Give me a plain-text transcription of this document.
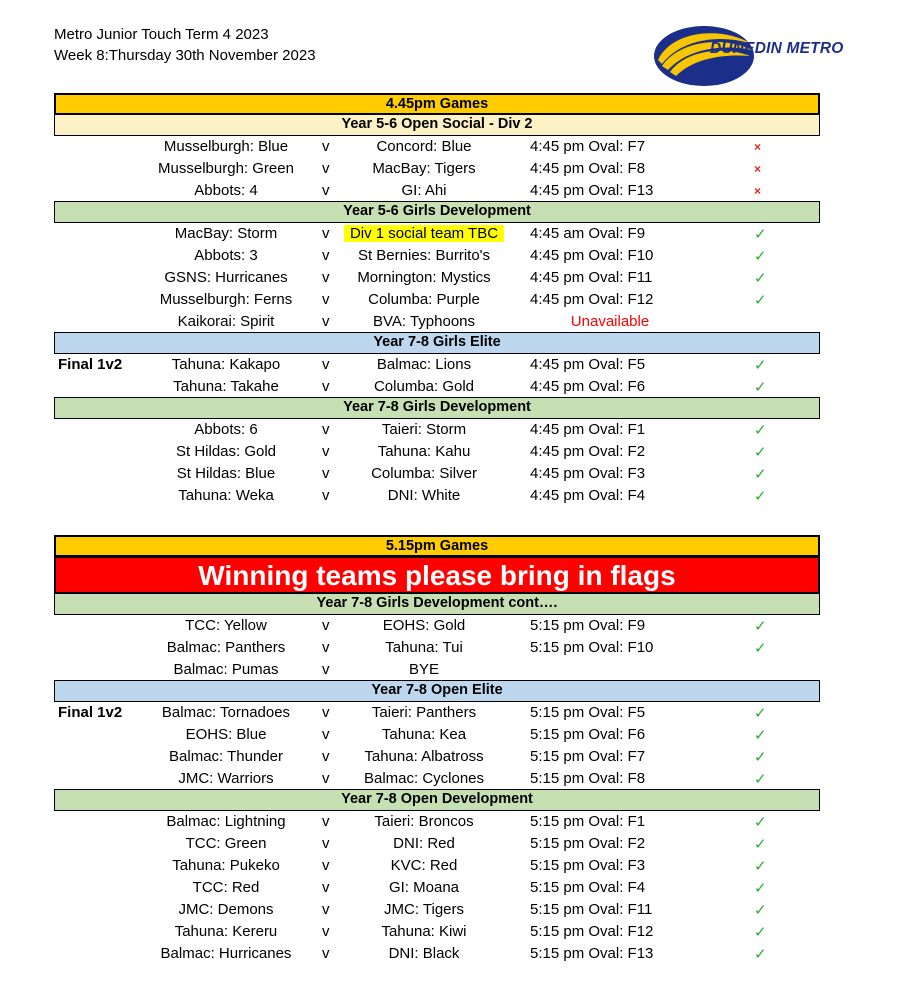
Metro Junior Touch Term 4 2023
Week 8:Thursday 30th November 2023	DUNEDIN METRO
4.45pm Games
Year 5-6 Open Social - Div 2
Musselburgh: Blue v	Concord: Blue	4:45 pm Oval: F7	×
Musselburgh: Green v	MacBay: Tigers	4:45 pm Oval: F8	×
Abbots: 4	v	GI: Ahi	4:45 pm Oval: F13	×
Year 5-6 Girls Development
MacBay: Storm	v	Div 1 social team TBC	4:45 am Oval: F9	✓
Abbots: 3	v St Bernies: Burrito's	4:45 pm Oval: F10	✓
GSNS: Hurricanes v Mornington: Mystics	4:45 pm Oval: F11	✓
Musselburgh: Ferns v	Columba: Purple	4:45 pm Oval: F12	✓
Kaikorai: Spirit	v	BVA: Typhoons	Unavailable
Year 7-8 Girls Elite
Final 1v2	Tahuna: Kakapo	v	Balmac: Lions	4:45 pm Oval: F5	✓
Tahuna: Takahe	v	Columba: Gold	4:45 pm Oval: F6	✓
Year 7-8 Girls Development
Abbots: 6	v	Taieri: Storm	4:45 pm Oval: F1	✓
St Hildas: Gold	v	Tahuna: Kahu	4:45 pm Oval: F2	✓
St Hildas: Blue	v	Columba: Silver	4:45 pm Oval: F3	✓
Tahuna: Weka	v	DNI: White	4:45 pm Oval: F4	✓
5.15pm Games
Winning teams please bring in flags
Year 7-8 Girls Development cont….
TCC: Yellow	v	EOHS: Gold	5:15 pm Oval: F9	✓
Balmac: Panthers v	Tahuna: Tui	5:15 pm Oval: F10	✓
Balmac: Pumas	v	BYE
Year 7-8 Open Elite
Final 1v2	Balmac: Tornadoes v	Taieri: Panthers	5:15 pm Oval: F5	✓
EOHS: Blue	v	Tahuna: Kea	5:15 pm Oval: F6	✓
Balmac: Thunder	v Tahuna: Albatross	5:15 pm Oval: F7	✓
JMC: Warriors	v Balmac: Cyclones	5:15 pm Oval: F8	✓
Year 7-8 Open Development
Balmac: Lightning v	Taieri: Broncos	5:15 pm Oval: F1	✓
TCC: Green	v	DNI: Red	5:15 pm Oval: F2	✓
Tahuna: Pukeko	v	KVC: Red	5:15 pm Oval: F3	✓
TCC: Red	v	GI: Moana	5:15 pm Oval: F4	✓
JMC: Demons	v	JMC: Tigers	5:15 pm Oval: F11	✓
Tahuna: Kereru	v	Tahuna: Kiwi	5:15 pm Oval: F12	✓
Balmac: Hurricanes v	DNI: Black	5:15 pm Oval: F13	✓
